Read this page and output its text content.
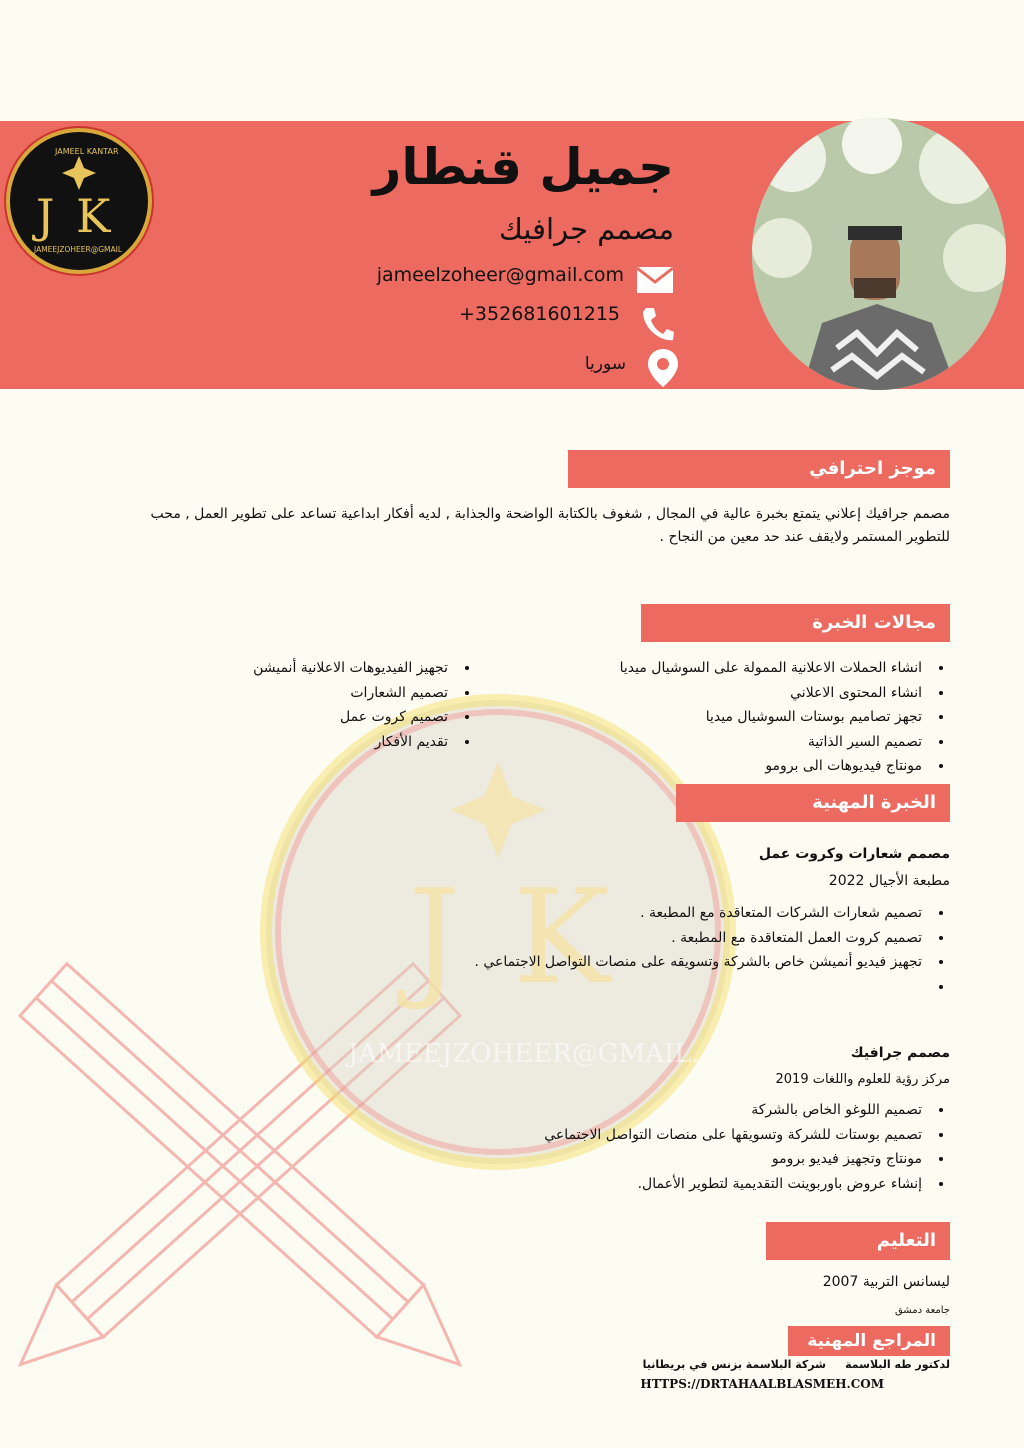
J K
JAMEEJZOHEER@GMAIL.
J K
JAMEEJZOHEER@GMAIL
JAMEEL KANTAR	جميل قنطار
مصمم جرافيك
jameelzoheer@gmail.com
+352681601215
سوريا
موجز احترافي
مصمم جرافيك إعلاني يتمتع بخبرة عالية في المجال , شغوف بالكتابة الواضحة والجذابة , لديه أفكار ابداعية تساعد على تطوير العمل , محب
للتطوير المستمر ولايقف عند حد معين من النجاح .
مجالات الخبرة
• انشاء الحملات الاعلانية الممولة على السوشيال ميديا
• انشاء المحتوى الاعلاني
• تجهز تصاميم بوستات السوشيال ميديا
• تصميم السير الذاتية
• مونتاج فيديوهات الى برومو
• تجهيز الفيديوهات الاعلانية أنميشن
• تصميم الشعارات
• تصميم كروت عمل
• تقديم الأفكار
الخبرة المهنية
مصمم شعارات وكروت عمل
مطبعة الأجيال 2022
• تصميم شعارات الشركات المتعاقدة مع المطبعة .
• تصميم كروت العمل المتعاقدة مع المطبعة .
• تجهيز فيديو أنميشن خاص بالشركة وتسويقه على منصات التواصل الاجتماعي .
•
مصمم جرافيك
مركز رؤية للعلوم واللغات 2019
• تصميم اللوغو الخاص بالشركة
• تصميم بوستات للشركة وتسويقها على منصات التواصل الاجتماعي
• مونتاج وتجهيز فيديو برومو
• إنشاء عروض باوربوينت التقديمية لتطوير الأعمال.
التعليم
ليسانس التربية 2007
جامعة دمشق
المراجع المهنية
لدكتور طه البلاسمة     شركة البلاسمة بزنس في بريطانيا
HTTPS://DRTAHAALBLASMEH.COM
